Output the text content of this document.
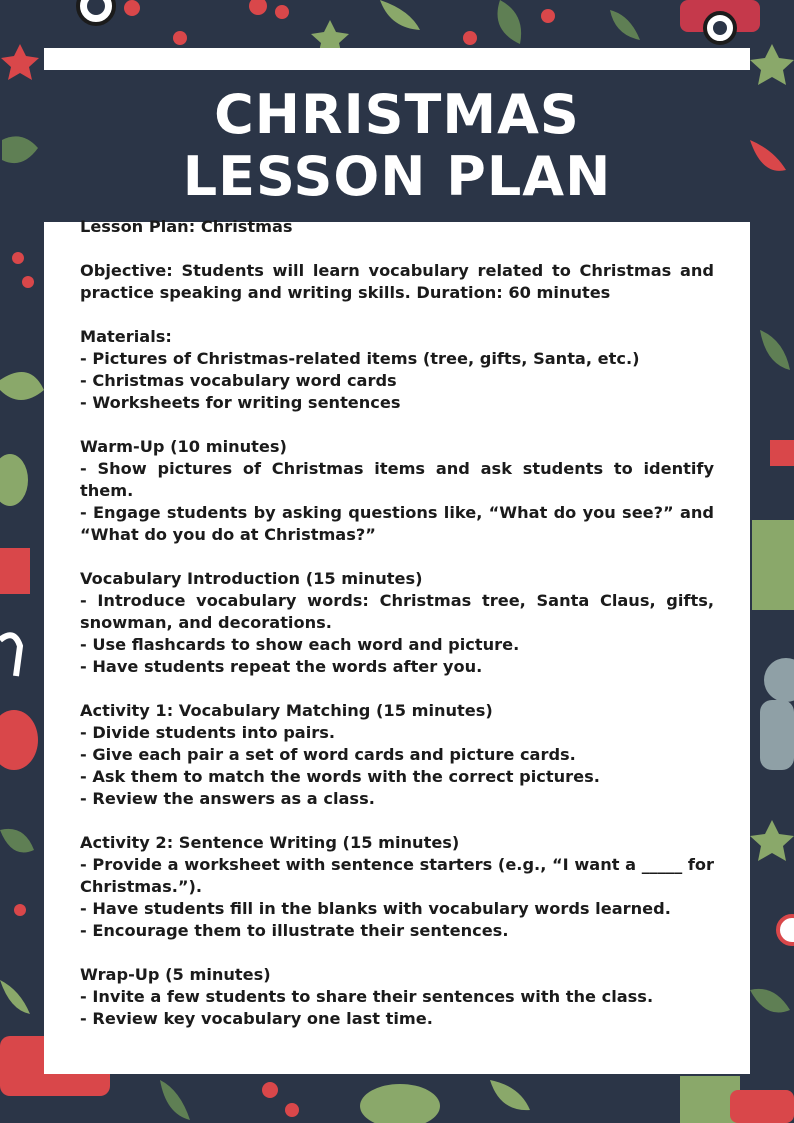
CHRISTMAS LESSON PLAN

Lesson Plan: Christmas

Objective: Students will learn vocabulary related to Christmas and practice speaking and writing skills. Duration: 60 minutes

Materials:

- Pictures of Christmas-related items (tree, gifts, Santa, etc.)

- Christmas vocabulary word cards

- Worksheets for writing sentences

Warm-Up (10 minutes)

- Show pictures of Christmas items and ask students to identify them.

- Engage students by asking questions like, “What do you see?” and “What do you do at Christmas?”

Vocabulary Introduction (15 minutes)

- Introduce vocabulary words: Christmas tree, Santa Claus, gifts, snowman, and decorations.

- Use flashcards to show each word and picture.

- Have students repeat the words after you.

Activity 1: Vocabulary Matching (15 minutes)

- Divide students into pairs.

- Give each pair a set of word cards and picture cards.

- Ask them to match the words with the correct pictures.

- Review the answers as a class.

Activity 2: Sentence Writing (15 minutes)

- Provide a worksheet with sentence starters (e.g., “I want a _____ for Christmas.”).

- Have students fill in the blanks with vocabulary words learned.

- Encourage them to illustrate their sentences.

Wrap-Up (5 minutes)

- Invite a few students to share their sentences with the class.

- Review key vocabulary one last time.
